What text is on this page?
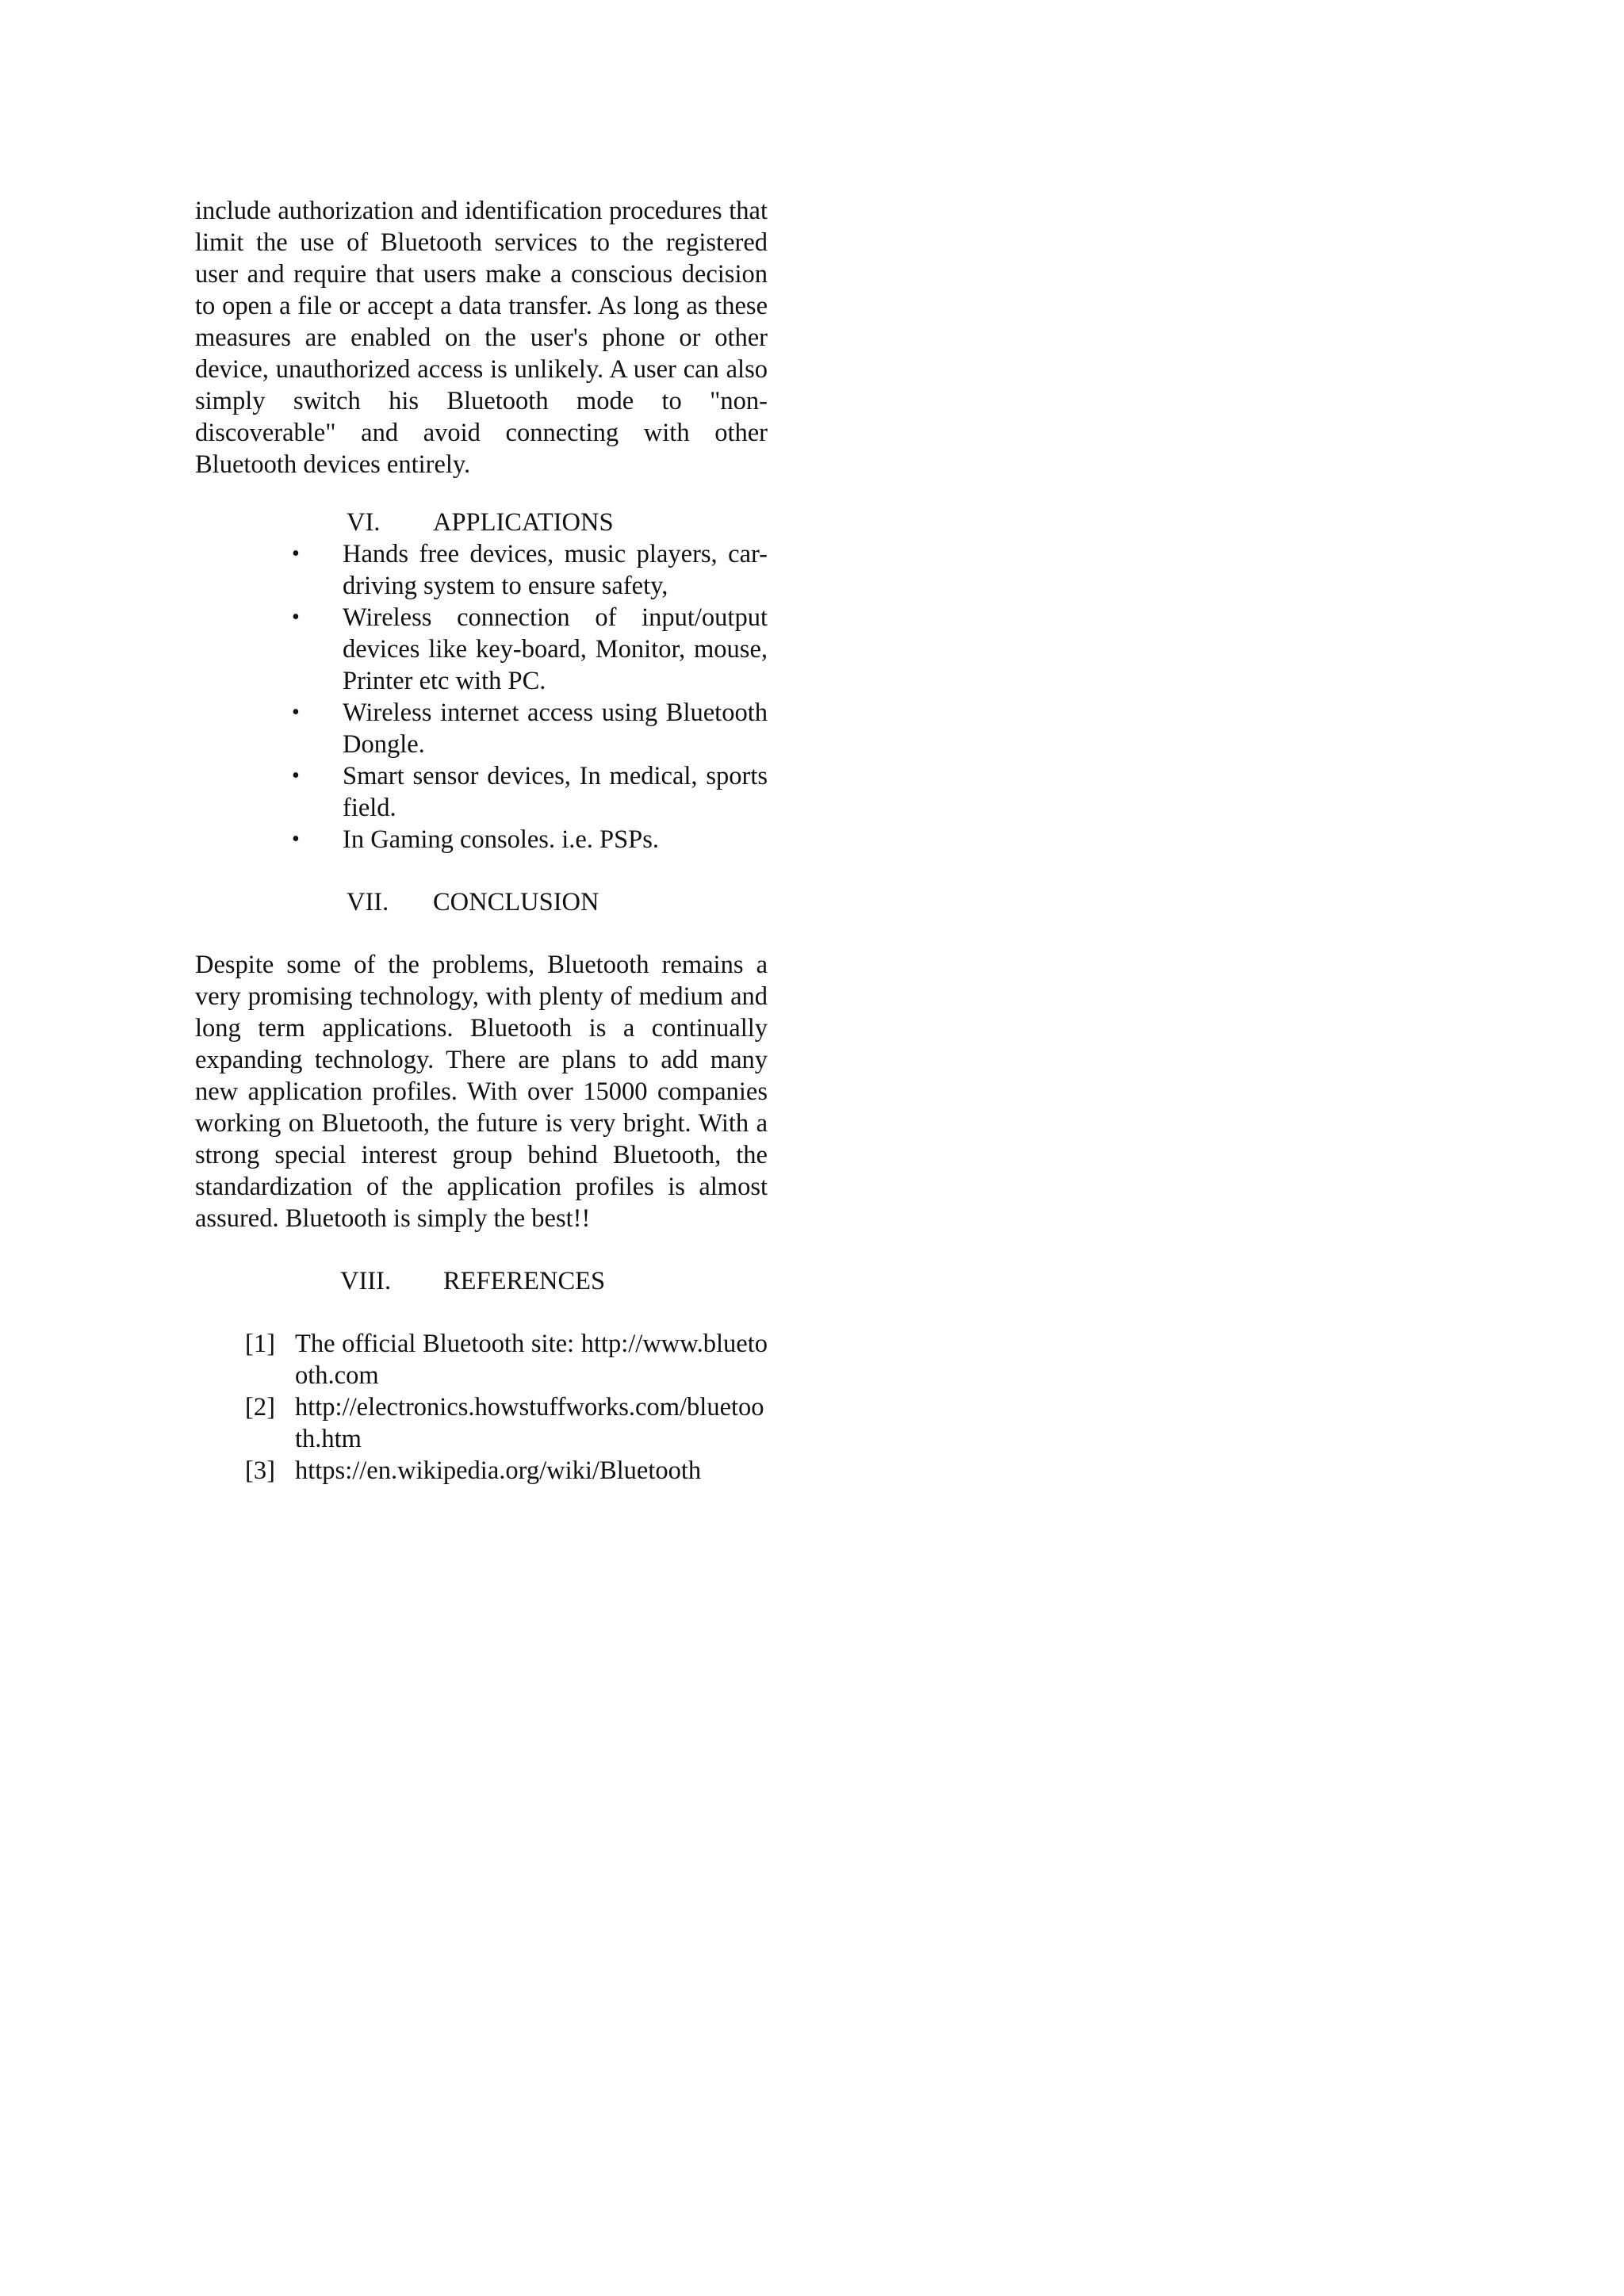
include authorization and identification procedures that limit the use of Bluetooth services to the registered user and require that users make a conscious decision to open a file or accept a data transfer. As long as these measures are enabled on the user's phone or other device, unauthorized access is unlikely. A user can also simply switch his Bluetooth mode to "non-discoverable" and avoid connecting with other Bluetooth devices entirely.

VI.	APPLICATIONS
• Hands free devices, music players, car-driving system to ensure safety,
• Wireless connection of input/output devices like key-board, Monitor, mouse, Printer etc with PC.
• Wireless internet access using Bluetooth Dongle.
• Smart sensor devices, In medical, sports field.
• In Gaming consoles. i.e. PSPs.
VII.	CONCLUSION

Despite some of the problems, Bluetooth remains a very promising technology, with plenty of medium and long term applications. Bluetooth is a continually expanding technology. There are plans to add many new application profiles. With over 15000 companies working on Bluetooth, the future is very bright. With a strong special interest group behind Bluetooth, the standardization of the application profiles is almost assured. Bluetooth is simply the best!!

VIII.	REFERENCES
[1] The official Bluetooth site: http://www.bluetooth.com
[2] http://electronics.howstuffworks.com/bluetooth.htm
[3] https://en.wikipedia.org/wiki/Bluetooth
